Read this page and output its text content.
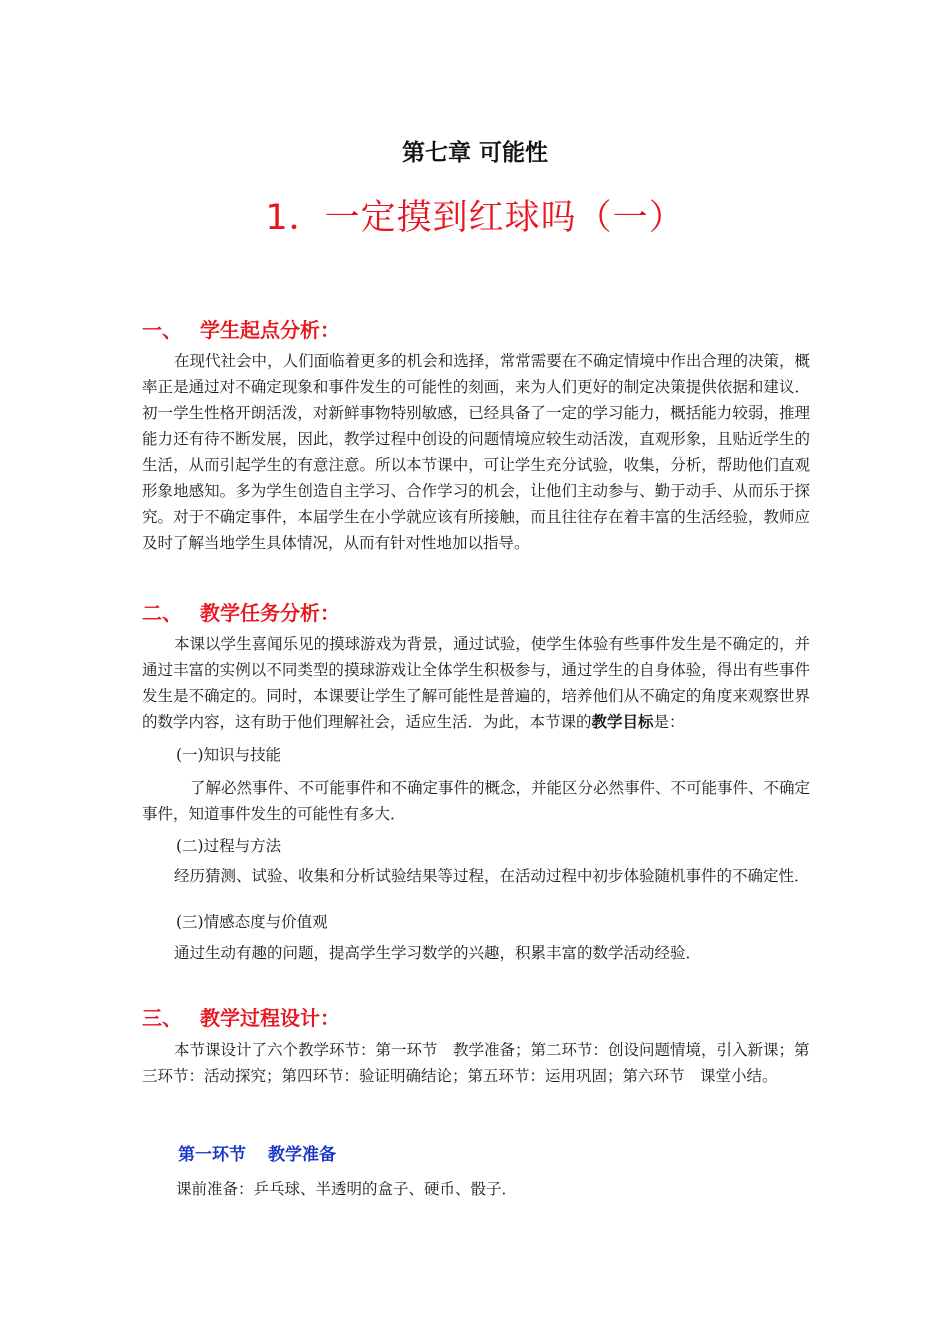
第七章 可能性
1．一定摸到红球吗（一）
一、 学生起点分析：
在现代社会中，人们面临着更多的机会和选择，常常需要在不确定情境中作出合理的决策，概率正是通过对不确定现象和事件发生的可能性的刻画，来为人们更好的制定决策提供依据和建议．初一学生性格开朗活泼，对新鲜事物特别敏感，已经具备了一定的学习能力，概括能力较弱，推理能力还有待不断发展，因此，教学过程中创设的问题情境应较生动活泼，直观形象，且贴近学生的生活，从而引起学生的有意注意。所以本节课中，可让学生充分试验，收集，分析，帮助他们直观形象地感知。多为学生创造自主学习、合作学习的机会，让他们主动参与、勤于动手、从而乐于探究。对于不确定事件，本届学生在小学就应该有所接触，而且往往存在着丰富的生活经验，教师应及时了解当地学生具体情况，从而有针对性地加以指导。
二、 教学任务分析：
本课以学生喜闻乐见的摸球游戏为背景，通过试验，使学生体验有些事件发生是不确定的，并通过丰富的实例以不同类型的摸球游戏让全体学生积极参与，通过学生的自身体验，得出有些事件发生是不确定的。同时，本课要让学生了解可能性是普遍的，培养他们从不确定的角度来观察世界的数学内容，这有助于他们理解社会，适应生活．为此，本节课的教学目标是：
(一)知识与技能
了解必然事件、不可能事件和不确定事件的概念，并能区分必然事件、不可能事件、不确定事件，知道事件发生的可能性有多大．
(二)过程与方法
经历猜测、试验、收集和分析试验结果等过程，在活动过程中初步体验随机事件的不确定性．
(三)情感态度与价值观
通过生动有趣的问题，提高学生学习数学的兴趣，积累丰富的数学活动经验．
三、 教学过程设计：
本节课设计了六个教学环节：第一环节　教学准备；第二环节：创设问题情境，引入新课；第三环节：活动探究；第四环节：验证明确结论；第五环节：运用巩固；第六环节　课堂小结。
第一环节 教学准备
课前准备：乒乓球、半透明的盒子、硬币、骰子．
